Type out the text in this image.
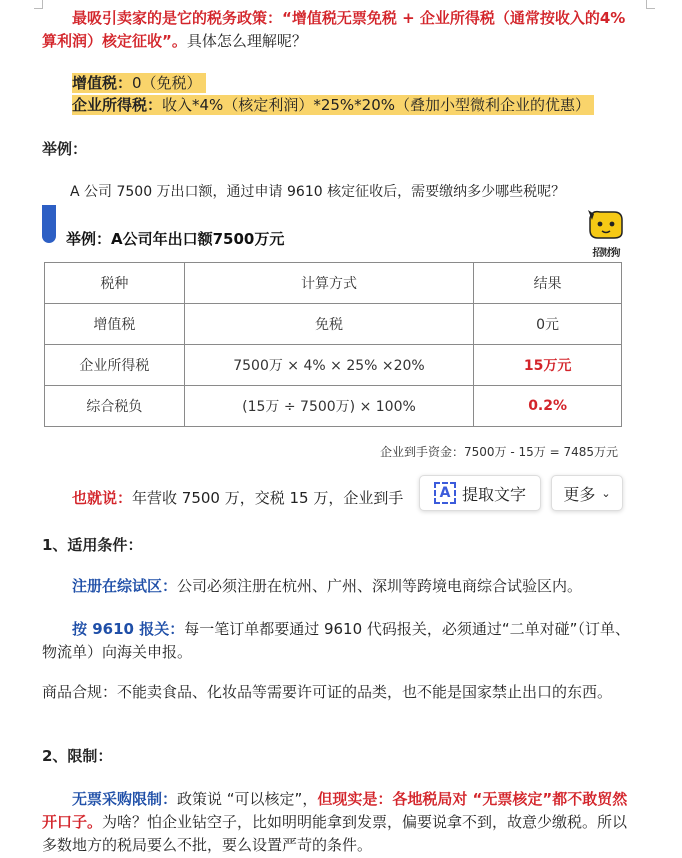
最吸引卖家的是它的税务政策：“增值税无票免税 + 企业所得税（通常按收入的4%算利润）核定征收”。具体怎么理解呢？
增值税：0（免税）
企业所得税：收入*4%（核定利润）*25%*20%（叠加小型微利企业的优惠）
举例：
A 公司 7500 万出口额，通过申请 9610 核定征收后，需要缴纳多少哪些税呢？
举例：A公司年出口额7500万元
招财狗
税种	计算方式	结果
增值税	免税	0元
企业所得税	7500万 × 4% × 25% ×20%	15万元
综合税负	(15万 ÷ 7500万) × 100%	0.2%
企业到手资金：7500万 - 15万 = 7485万元
也就说：年营收 7500 万，交税 15 万，企业到手	A 提取文字 更多 ⌄
1、适用条件：
注册在综试区：公司必须注册在杭州、广州、深圳等跨境电商综合试验区内。
按 9610 报关：每一笔订单都要通过 9610 代码报关，必须通过“二单对碰”（订单、物流单）向海关申报。
商品合规：不能卖食品、化妆品等需要许可证的品类，也不能是国家禁止出口的东西。
2、限制：
无票采购限制：政策说 “可以核定”，但现实是：各地税局对 “无票核定”都不敢贸然开口子。为啥？怕企业钻空子，比如明明能拿到发票，偏要说拿不到，故意少缴税。所以多数地方的税局要么不批，要么设置严苛的条件。
